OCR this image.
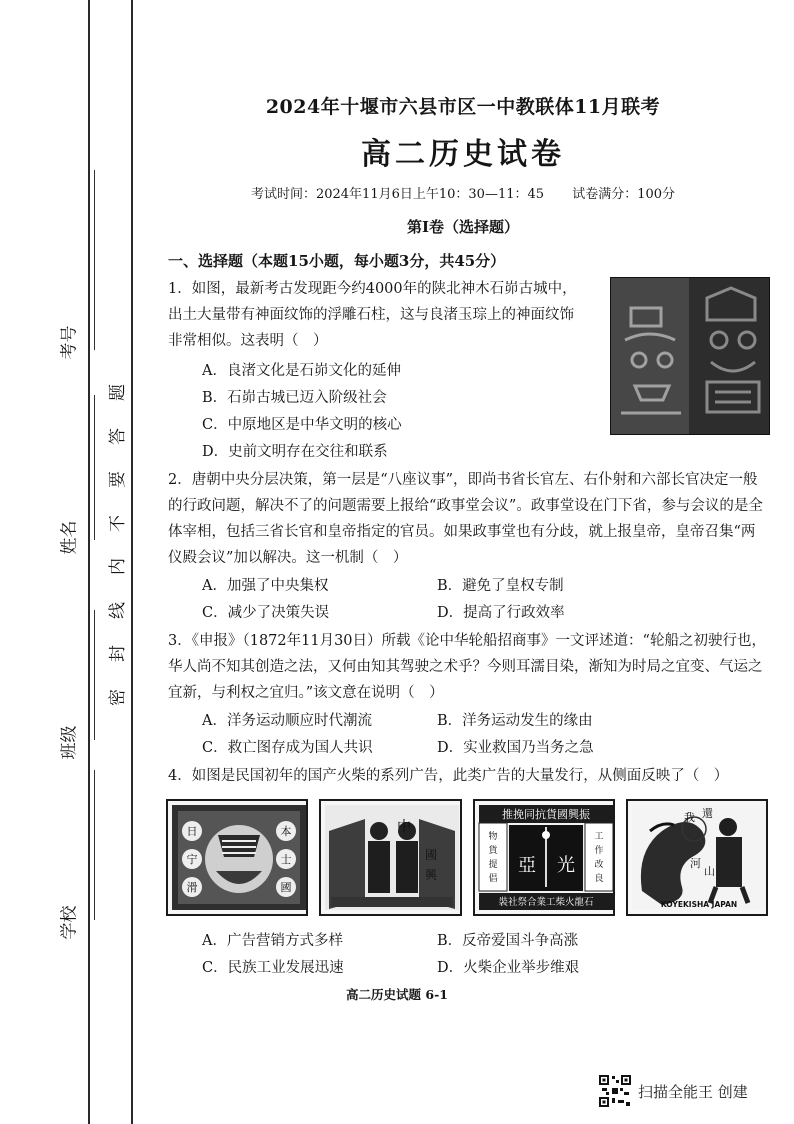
考号
姓名
班级
学校
密
封
线
内
不
要
答
题
2024年十堰市六县市区一中教联体11月联考
高二历史试卷
考试时间：2024年11月6日上午10：30—11：45 试卷满分：100分
第Ⅰ卷（选择题）
一、选择题（本题15小题，每小题3分，共45分）
1．如图，最新考古发现距今约4000年的陕北神木石峁古城中，出土大量带有神面纹饰的浮雕石柱，这与良渚玉琮上的神面纹饰非常相似。这表明（　）
A．良渚文化是石峁文化的延伸
B．石峁古城已迈入阶级社会
C．中原地区是中华文明的核心
D．史前文明存在交往和联系
2．唐朝中央分层决策，第一层是“八座议事”，即尚书省长官左、右仆射和六部长官决定一般的行政问题，解决不了的问题需要上报给“政事堂会议”。政事堂设在门下省，参与会议的是全体宰相，包括三省长官和皇帝指定的官员。如果政事堂也有分歧，就上报皇帝，皇帝召集“两仪殿会议”加以解决。这一机制（　）
A．加强了中央集权	B．避免了皇权专制
C．减少了决策失误	D．提高了行政效率
3．《申报》（1872年11月30日）所载《论中华轮船招商事》一文评述道：“轮船之初驶行也，华人尚不知其创造之法，又何由知其驾驶之术乎？今则耳濡目染，渐知为时局之宜变、气运之宜新，与利权之宜归。”该文意在说明（　）
A．洋务运动顺应时代潮流	B．洋务运动发生的缘由
C．救亡图存成为国人共识	D．实业救国乃当务之急
4．如图是民国初年的国产火柴的系列广告，此类广告的大量发行，从侧面反映了（　）
日
宁
滑
本
士
國
中
國
興
推挽同抗貨國興振
亞 光
物
貨
提
倡
工
作
改
良
裝社祭合業工柴火龍石
我 還
河
山
KOYEKISHA JAPAN
A．广告营销方式多样	B．反帝爱国斗争高涨
C．民族工业发展迅速	D．火柴企业举步维艰
高二历史试题 6-1
扫描全能王 创建
